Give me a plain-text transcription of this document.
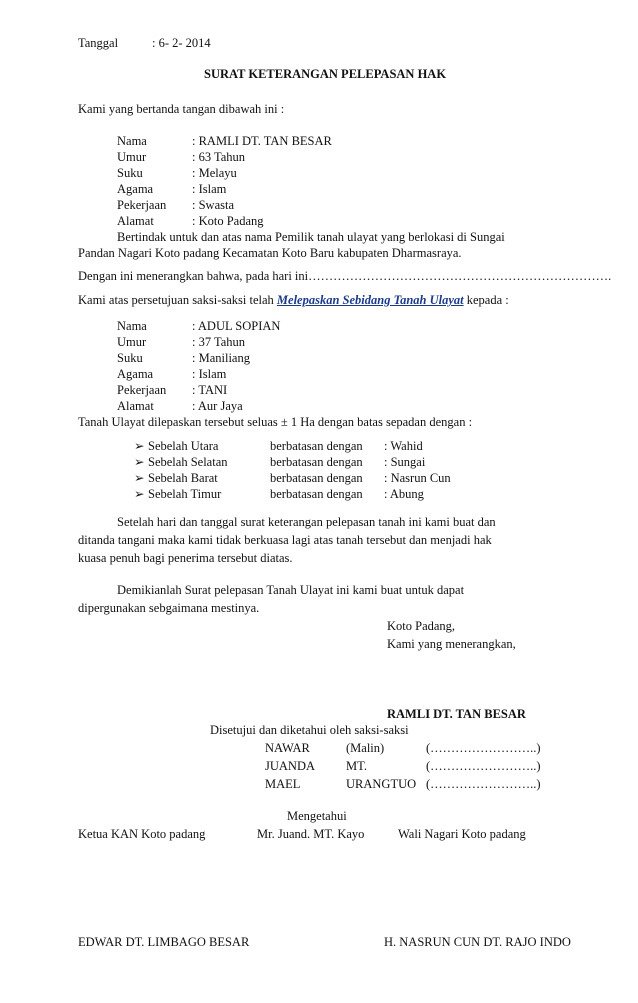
Tanggal	: 6- 2- 2014
SURAT KETERANGAN PELEPASAN HAK
Kami yang bertanda tangan dibawah ini :
Nama	: RAMLI DT. TAN BESAR
Umur	: 63 Tahun
Suku	: Melayu
Agama	: Islam
Pekerjaan : Swasta
Alamat	: Koto Padang
Bertindak untuk dan atas nama Pemilik tanah ulayat yang berlokasi di Sungai
Pandan Nagari Koto padang Kecamatan Koto Baru kabupaten Dharmasraya.
Dengan ini menerangkan bahwa, pada hari ini……………………………………………………………….
Kami atas persetujuan saksi-saksi telah Melepaskan Sebidang Tanah Ulayat kepada :
Nama	: ADUL SOPIAN
Umur	: 37 Tahun
Suku	: Maniliang
Agama	: Islam
Pekerjaan : TANI
Alamat	: Aur Jaya
Tanah Ulayat dilepaskan tersebut seluas ± 1 Ha dengan batas sepadan dengan :
➢ Sebelah Utara	berbatasan dengan : Wahid
➢ Sebelah Selatan	berbatasan dengan : Sungai
➢ Sebelah Barat	berbatasan dengan : Nasrun Cun
➢ Sebelah Timur	berbatasan dengan : Abung
Setelah hari dan tanggal surat keterangan pelepasan tanah ini kami buat dan
ditanda tangani maka kami tidak berkuasa lagi atas tanah tersebut dan menjadi hak
kuasa penuh bagi penerima tersebut diatas.
Demikianlah Surat pelepasan Tanah Ulayat ini kami buat untuk dapat
dipergunakan sebgaimana mestinya.
Koto Padang,
Kami yang menerangkan,
RAMLI DT. TAN BESAR
Disetujui dan diketahui oleh saksi-saksi
NAWAR	(Malin)	(……………………..)
JUANDA MT.	(……………………..)
MAEL	URANGTUO (……………………..)
Mengetahui
Ketua KAN Koto padang	Mr. Juand. MT. Kayo	Wali Nagari Koto padang
EDWAR DT. LIMBAGO BESAR	H. NASRUN CUN DT. RAJO INDO
